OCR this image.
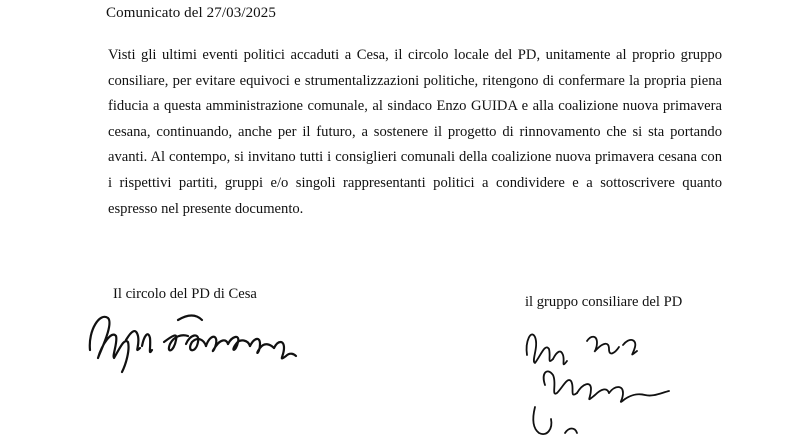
Comunicato del 27/03/2025
Visti gli ultimi eventi politici accaduti a Cesa, il circolo locale del PD, unitamente al proprio gruppo consiliare, per evitare equivoci e strumentalizzazioni politiche, ritengono di confermare la propria piena fiducia a questa amministrazione comunale, al sindaco Enzo GUIDA e alla coalizione nuova primavera cesana, continuando, anche per il futuro, a sostenere il progetto di rinnovamento che si sta portando avanti. Al contempo, si invitano tutti i consiglieri comunali della coalizione nuova primavera cesana con i rispettivi partiti, gruppi e/o singoli rappresentanti politici a condividere e a sottoscrivere quanto espresso nel presente documento.
Il circolo del PD di Cesa	il gruppo consiliare del PD
